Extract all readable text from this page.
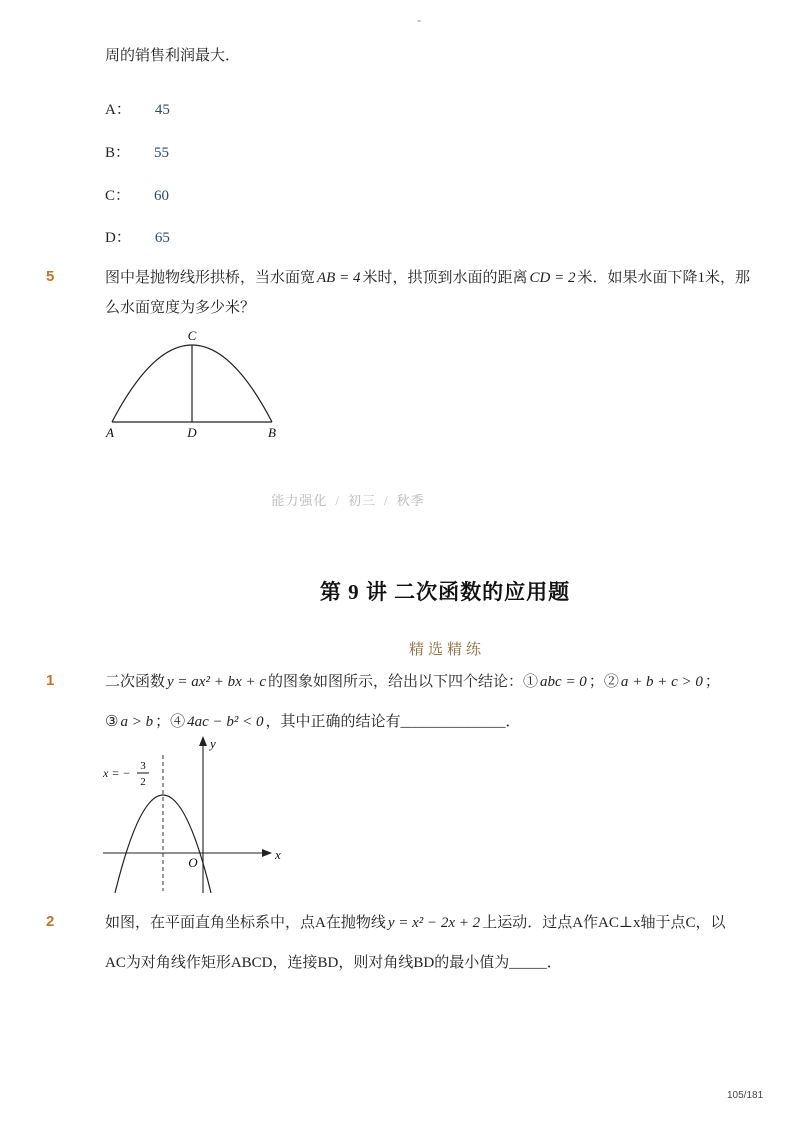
-
周的销售利润最大．
A： 45
B： 55
C： 60
D： 65
5	图中是抛物线形拱桥，当水面宽 AB = 4 米时，拱顶到水面的距离 CD = 2 米．如果水面下降1米，那
么水面宽度为多少米？
C
A	D	B
能力强化 / 初三 / 秋季
第 9 讲 二次函数的应用题
精选精练
1	二次函数 y = ax² + bx + c 的图象如图所示，给出以下四个结论：① abc = 0 ；② a + b + c > 0 ；
③ a > b ；④ 4ac − b² < 0 ，其中正确的结论有______________．
y
x
O
x = − 3
2
2	如图，在平面直角坐标系中，点A在抛物线 y = x² − 2x + 2 上运动．过点A作AC⊥x轴于点C，以
AC为对角线作矩形ABCD，连接BD，则对角线BD的最小值为_____．
105/181
